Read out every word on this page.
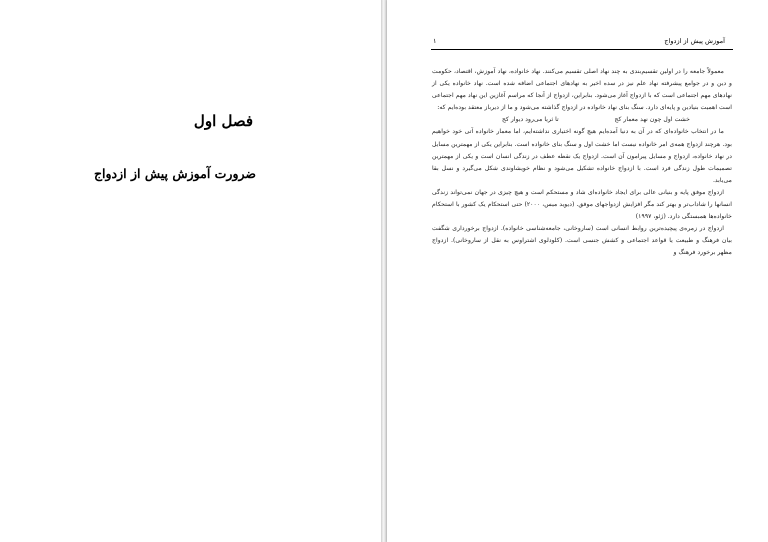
فصل اول
ضرورت آموزش پیش از ازدواج
۱	آموزش پیش از ازدواج

معمولاً جامعه را در اولین تقسیم‌بندی به چند نهاد اصلی تقسیم می‌کنند. نهاد خانواده، نهاد آموزش، اقتصاد، حکومت و دین و در جوامع پیشرفته نهاد علم نیز در سده اخیر به نهادهای اجتماعی اضافه شده است. نهاد خانواده یکی از نهادهای مهم اجتماعی است که با ازدواج آغاز می‌شود. بنابراین، ازدواج از آنجا که مراسم آغازین این نهاد مهم اجتماعی است اهمیت بنیادین و پایه‌ای دارد. سنگ بنای نهاد خانواده در ازدواج گذاشته می‌شود و ما از دیرباز معتقد بوده‌ایم که:

خشت اول چون نهد معمار کج
تا ثریا می‌رود دیوار کج

ما در انتخاب خانواده‌ای که در آن به دنیا آمده‌ایم هیچ گونه اختیاری نداشته‌ایم، اما معمار خانواده آتی خود خواهیم بود. هرچند ازدواج همه‌ی امر خانواده نیست اما خشت اول و سنگ بنای خانواده است. بنابراین یکی از مهمترین مسایل در نهاد خانواده، ازدواج و مسایل پیرامون آن است. ازدواج یک نقطه عطف در زندگی انسان است و یکی از مهمترین تصمیمات طول زندگی فرد است. با ازدواج خانواده تشکیل می‌شود و نظام خویشاوندی شکل می‌گیرد و نسل بقا می‌یابد.

ازدواج موفق پایه و بنیانی عالی برای ایجاد خانواده‌ای شاد و مستحکم است و هیچ چیزی در جهان نمی‌تواند زندگی انسانها را شاداب‌تر و بهتر کند مگر افزایش ازدواجهای موفق. (دیوید میس، ۲۰۰۰) حتی استحکام یک کشور با استحکام خانواده‌ها همبستگی دارد. (ژئو، ۱۹۹۷)

ازدواج در زمره‌ی پیچیده‌ترین روابط انسانی است (ساروخانی، جامعه‌شناسی خانواده). ازدواج برخورداری شگفت بیان فرهنگ و طبیعت یا قواعد اجتماعی و کشش جنسی است. (کلودلوی اشتراوس به نقل از ساروخانی). ازدواج مظهر برخورد فرهنگ و
